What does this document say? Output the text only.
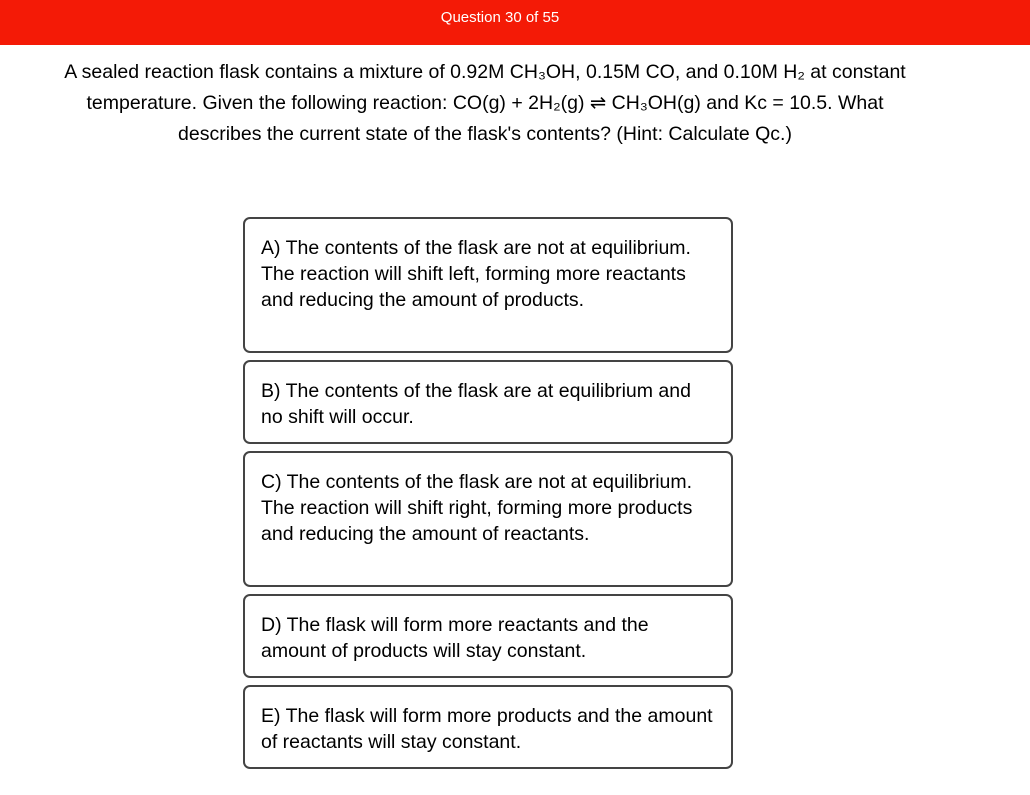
Question 30 of 55
A sealed reaction flask contains a mixture of 0.92M CH₃OH, 0.15M CO, and 0.10M H₂ at constant temperature. Given the following reaction: CO(g) + 2H₂(g) ⇌ CH₃OH(g) and Kc = 10.5. What describes the current state of the flask's contents? (Hint: Calculate Qc.)
A) The contents of the flask are not at equilibrium. The reaction will shift left, forming more reactants and reducing the amount of products.
B) The contents of the flask are at equilibrium and no shift will occur.
C) The contents of the flask are not at equilibrium. The reaction will shift right, forming more products and reducing the amount of reactants.
D) The flask will form more reactants and the amount of products will stay constant.
E) The flask will form more products and the amount of reactants will stay constant.
